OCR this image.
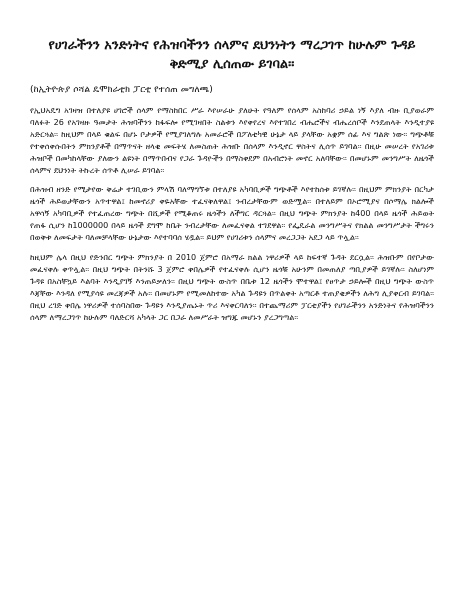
የሀገራችንን አንድነትና የሕዝባችንን ሰላምና ደህንነትን ማረጋገጥ ከሁሉም ጉዳይ ቅድሚያ ሊሰጠው ይገባል፡፡

(ከኢትዮጵያ ሶሻል ዴሞክራቲክ ፓርቲ የተሰጠ መግለጫ)

የኢህአዴግ አገዛዝ በተለያዩ ሀገሮች ሰላም የማስከበር ሥራ እየሠራሁ ያለሁት የዓለም የሰላም አስከባሪ ኃይል ነኝ እያለ ብዙ ቢያወራም ባለፉት 26 የአገዛዙ ዓመታት ሕዝባችንን ከፋፍሎ የሚገዛበት ስልቱን እየቀየረና እየተገበረ ብሔሮችና ብሔረሰቦች እንደጠላት እንዲተያዩ አድርጓል፡፡ ከዚህም በላይ ቁልፍ በሆኑ ቦታዎች የሚያገለግሉ አመራሮች በፖለቲካዊ ሁኔታ ላይ ያላቸው አቋም ሰፊ እና ግልጽ ነው፡፡ ግጭቶቹ የተቀሰቀሱበትን ምክንያቶች በማጥናት ዘላቂ መፍትሄ ለመስጠት ሕዝቡ በሰላም እንዲኖር ዋስትና ሊሰጥ ይገባል፡፡ በዚሁ መሠረት የአገሪቱ ሕዝቦች በመካከላቸው ያለውን ልዩነት በማጥበብና የጋራ ጉዳዮችን በማስቀደም በአብሮነት መኖር አለባቸው፡፡ በመሆኑም መንግሥት ለዜጎች ሰላምና ደህንነት ትኩረት ሰጥቶ ሊሠራ ይገባል፡፡

በሕዝብ ዘንድ የሚታየው ቅሬታ ተገቢውን ምላሽ ባለማግኘቱ በተለያዩ አካባቢዎች ግጭቶች እየተከሰቱ ይገኛሉ፡፡ በዚህም ምክንያት በርካታ ዜጎች ሕይወታቸውን አጥተዋል፤ ከመኖሪያ ቀዬአቸው ተፈናቅለዋል፤ ንብረታቸውም ወድሟል፡፡ በተለይም በኦሮሚያና በሶማሌ ክልሎች አዋሳኝ አካባቢዎች የተፈጠረው ግጭት በሺዎች የሚቆጠሩ ዜጎችን ለችግር ዳርጓል፡፡ በዚህ ግጭት ምክንያት ከ400 በላይ ዜጎች ሕይወት የጠፋ ሲሆን ከ1000000 በላይ ዜጎች ደግሞ ከቤት ንብረታቸው ለመፈናቀል ተገደዋል፡፡ የፌዴራል መንግሥትና የክልል መንግሥታት ችግሩን በወቅቱ ለመፍታት ባለመቻላቸው ሁኔታው እየተባባሰ ሄዷል፡፡ ይህም የሀገሪቱን ሰላምና መረጋጋት አደጋ ላይ ጥሏል፡፡

ከዚህም ሌላ በዚህ የድንበር ግጭት ምክንያት በ 2010 ጀምሮ በአማራ ክልል ነዋሪዎች ላይ ከፍተኛ ጉዳት ደርሷል፡፡ ሕዝቡም በየቦታው መፈናቀሉ ቀጥሏል፡፡ በዚህ ግጭት በትንሹ 3 ጀምሮ ቀበሌዎች የተፈናቀሉ ሲሆን ዜጎቹ አሁንም በመጠለያ ጣቢያዎች ይገኛሉ፡፡ ስለሆነም ጉዳዩ በአስቸኳይ እልባት እንዲያገኝ እንጠይቃለን፡፡ በዚህ ግጭት ውስጥ በቤቱ 12 ዜጎችን ሞተዋል፤ የፀጥታ ኃይሎች በዚህ ግጭት ውስጥ እጃቸው እንዳለ የሚያሳዩ መረጃዎች አሉ፡፡ በመሆኑም የሚመለከተው አካል ጉዳዩን በጥልቀት አጣርቶ ተጠያቂዎችን ለሕግ ሊያቀርብ ይገባል፡፡ በዚህ ረገድ ቀበሌ ነዋሪዎች ተሰባስበው ጉዳዩን እንዲያጤኑት ጥሪ እናቀርባለን፡፡ በተጨማሪም ፓርቲያችን የሀገራችንን አንድነትና የሕዝባችንን ሰላም ለማረጋገጥ ከሁሉም ባለድርሻ አካላት ጋር በጋራ ለመሥራት ዝግጁ መሆኑን ያረጋግጣል፡፡
